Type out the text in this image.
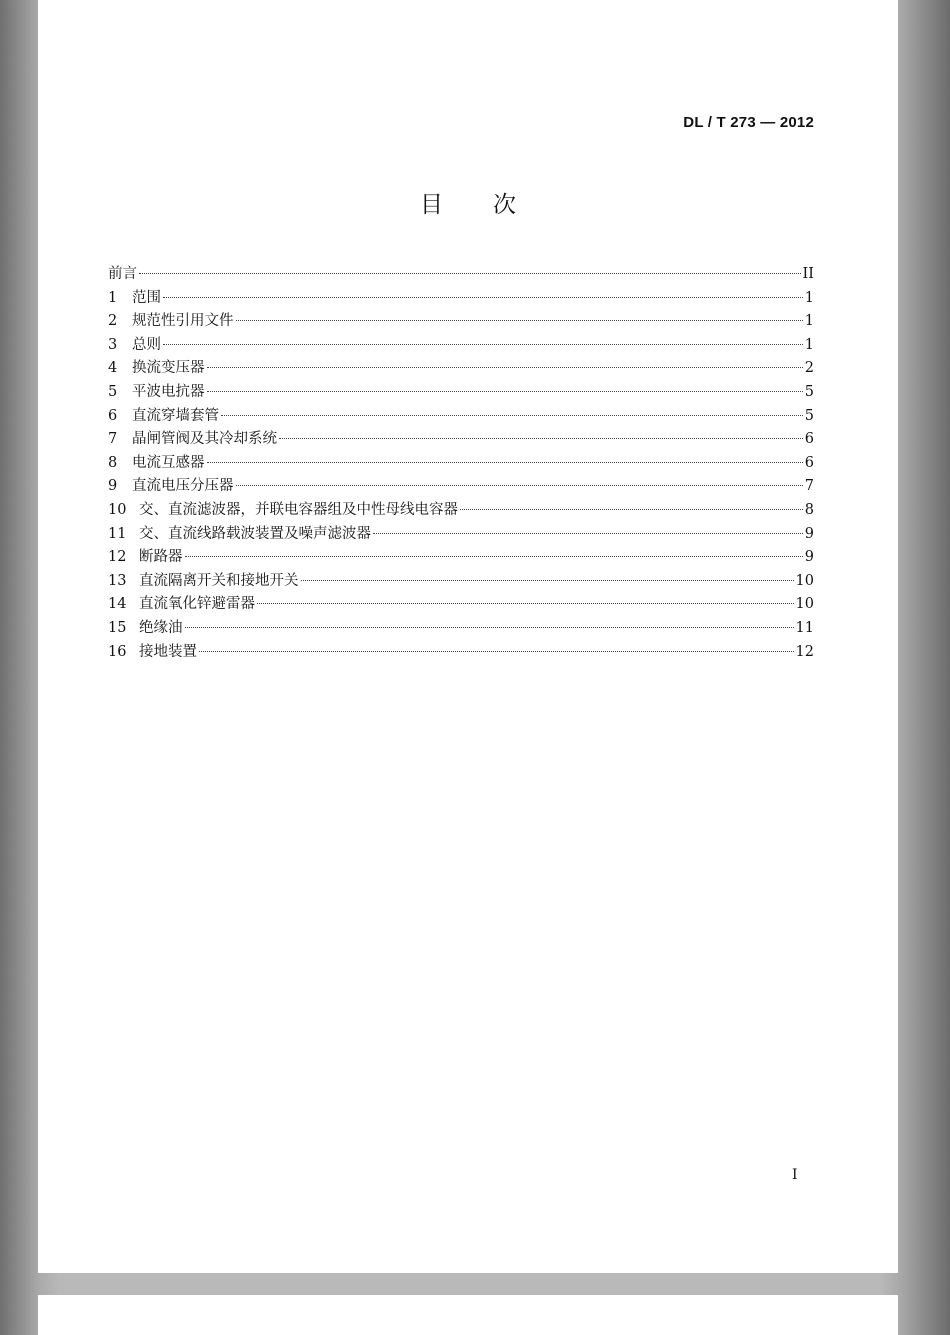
DL / T 273 — 2012
目次
前言	II
1	范围	1
2	规范性引用文件	1
3	总则	1
4	换流变压器	2
5	平波电抗器	5
6	直流穿墙套管	5
7	晶闸管阀及其冷却系统	6
8	电流互感器	6
9	直流电压分压器	7
10 交、直流滤波器，并联电容器组及中性母线电容器	8
11 交、直流线路载波装置及噪声滤波器	9
12 断路器	9
13 直流隔离开关和接地开关	10
14 直流氧化锌避雷器	10
15 绝缘油	11
16 接地装置	12
I
